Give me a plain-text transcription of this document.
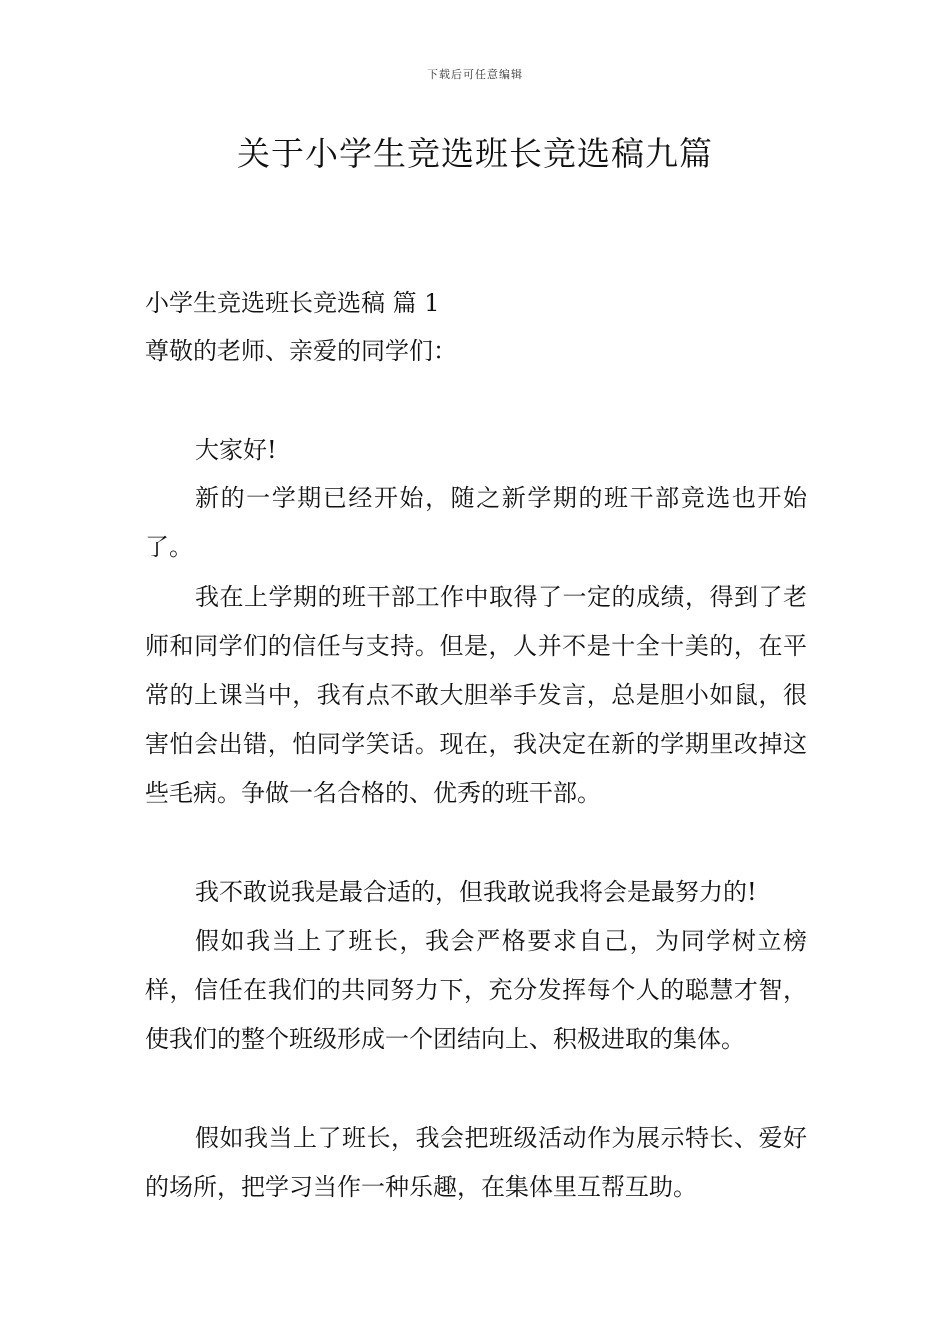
下载后可任意编辑
关于小学生竞选班长竞选稿九篇

小学生竞选班长竞选稿 篇 1

尊敬的老师、亲爱的同学们：

大家好!

新的一学期已经开始，随之新学期的班干部竞选也开始了。

我在上学期的班干部工作中取得了一定的成绩，得到了老师和同学们的信任与支持。但是，人并不是十全十美的，在平常的上课当中，我有点不敢大胆举手发言，总是胆小如鼠，很害怕会出错，怕同学笑话。现在，我决定在新的学期里改掉这些毛病。争做一名合格的、优秀的班干部。

我不敢说我是最合适的，但我敢说我将会是最努力的!

假如我当上了班长，我会严格要求自己，为同学树立榜样，信任在我们的共同努力下，充分发挥每个人的聪慧才智，使我们的整个班级形成一个团结向上、积极进取的集体。

假如我当上了班长，我会把班级活动作为展示特长、爱好的场所，把学习当作一种乐趣，在集体里互帮互助。
